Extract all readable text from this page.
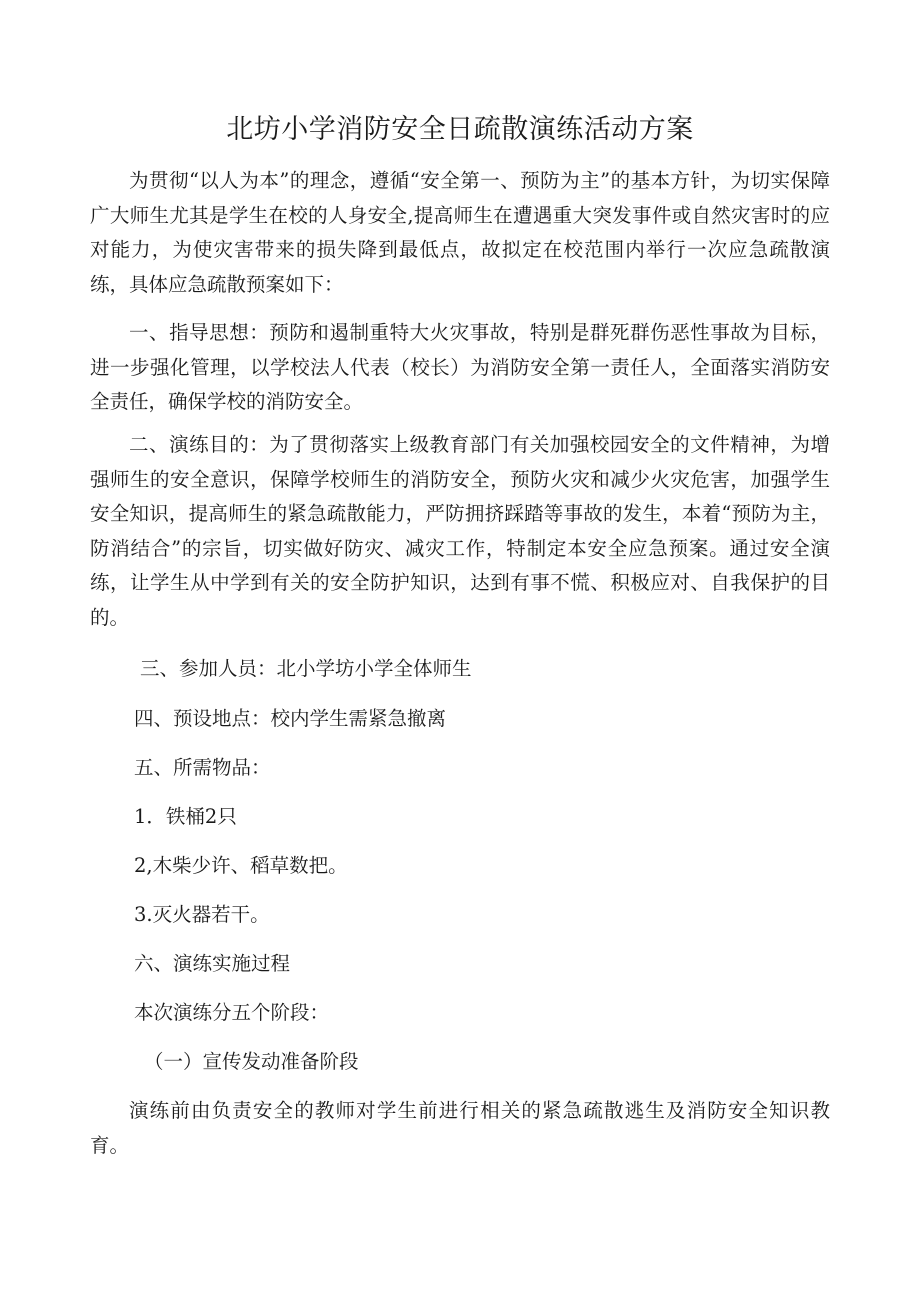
北坊小学消防安全日疏散演练活动方案
为贯彻“以人为本”的理念，遵循“安全第一、预防为主”的基本方针，为切实保障广大师生尤其是学生在校的人身安全,提高师生在遭遇重大突发事件或自然灾害时的应对能力，为使灾害带来的损失降到最低点，故拟定在校范围内举行一次应急疏散演练，具体应急疏散预案如下：
一、指导思想：预防和遏制重特大火灾事故，特别是群死群伤恶性事故为目标，进一步强化管理，以学校法人代表（校长）为消防安全第一责任人，全面落实消防安全责任，确保学校的消防安全。
二、演练目的：为了贯彻落实上级教育部门有关加强校园安全的文件精神，为增强师生的安全意识，保障学校师生的消防安全，预防火灾和减少火灾危害，加强学生安全知识，提高师生的紧急疏散能力，严防拥挤踩踏等事故的发生，本着“预防为主，防消结合”的宗旨，切实做好防灾、减灾工作，特制定本安全应急预案。通过安全演练，让学生从中学到有关的安全防护知识，达到有事不慌、积极应对、自我保护的目的。
三、参加人员：北小学坊小学全体师生
四、预设地点：校内学生需紧急撤离
五、所需物品：
1．铁桶2只
2,木柴少许、稻草数把。
3.灭火器若干。
六、演练实施过程
本次演练分五个阶段：
（一）宣传发动准备阶段
演练前由负责安全的教师对学生前进行相关的紧急疏散逃生及消防安全知识教育。
